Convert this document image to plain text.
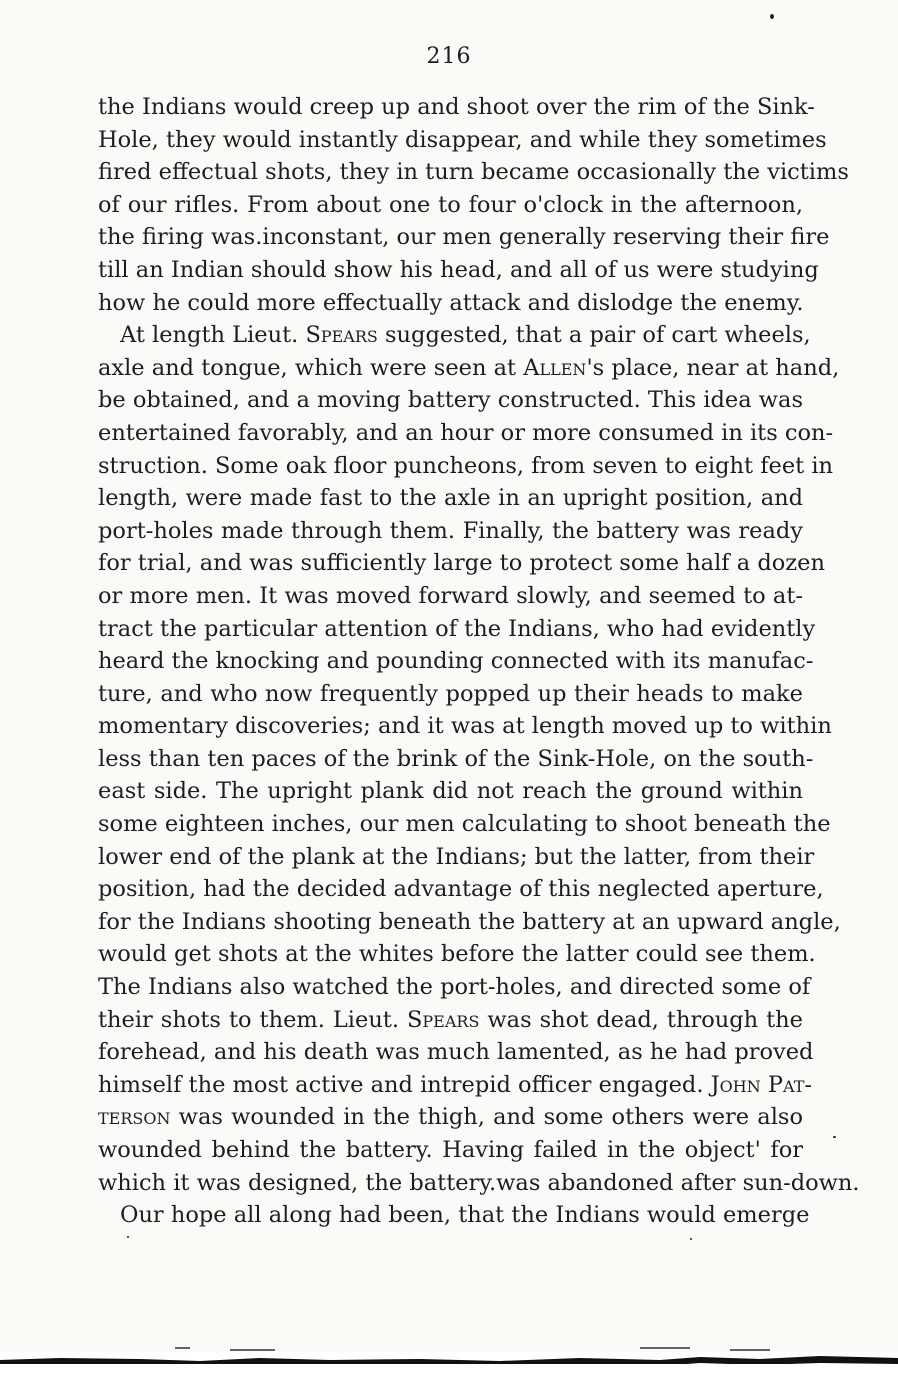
216
the Indians would creep up and shoot over the rim of the Sink-
Hole, they would instantly disappear, and while they sometimes
fired effectual shots, they in turn became occasionally the victims
of our rifles. From about one to four o'clock in the afternoon,
the firing was.inconstant, our men generally reserving their fire
till an Indian should show his head, and all of us were studying
how he could more effectually attack and dislodge the enemy.
At length Lieut. Spears suggested, that a pair of cart wheels,
axle and tongue, which were seen at Allen's place, near at hand,
be obtained, and a moving battery constructed. This idea was
entertained favorably, and an hour or more consumed in its con-
struction. Some oak floor puncheons, from seven to eight feet in
length, were made fast to the axle in an upright position, and
port-holes made through them. Finally, the battery was ready
for trial, and was sufficiently large to protect some half a dozen
or more men. It was moved forward slowly, and seemed to at-
tract the particular attention of the Indians, who had evidently
heard the knocking and pounding connected with its manufac-
ture, and who now frequently popped up their heads to make
momentary discoveries; and it was at length moved up to within
less than ten paces of the brink of the Sink-Hole, on the south-
east side. The upright plank did not reach the ground within
some eighteen inches, our men calculating to shoot beneath the
lower end of the plank at the Indians; but the latter, from their
position, had the decided advantage of this neglected aperture,
for the Indians shooting beneath the battery at an upward angle,
would get shots at the whites before the latter could see them.
The Indians also watched the port-holes, and directed some of
their shots to them. Lieut. Spears was shot dead, through the
forehead, and his death was much lamented, as he had proved
himself the most active and intrepid officer engaged. John Pat-
terson was wounded in the thigh, and some others were also
wounded behind the battery. Having failed in the object' for
which it was designed, the battery.was abandoned after sun-down.
Our hope all along had been, that the Indians would emerge
